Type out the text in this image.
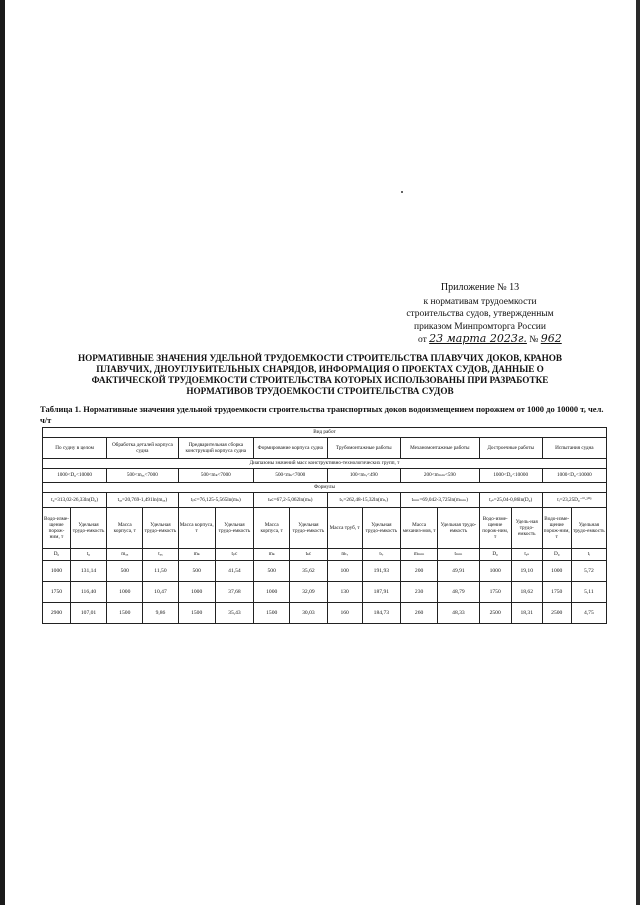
Приложение № 13
к нормативам трудоемкости
строительства судов, утвержденным
приказом Минпромторга России
от 23 марта 2023г. № 962
НОРМАТИВНЫЕ ЗНАЧЕНИЯ УДЕЛЬНОЙ ТРУДОЕМКОСТИ СТРОИТЕЛЬСТВА ПЛАВУЧИХ ДОКОВ, КРАНОВ ПЛАВУЧИХ, ДНОУГЛУБИТЕЛЬНЫХ СНАРЯДОВ, ИНФОРМАЦИЯ О ПРОЕКТАХ СУДОВ, ДАННЫЕ О ФАКТИЧЕСКОЙ ТРУДОЕМКОСТИ СТРОИТЕЛЬСТВА КОТОРЫХ ИСПОЛЬЗОВАНЫ ПРИ РАЗРАБОТКЕ НОРМАТИВОВ ТРУДОЕМКОСТИ СТРОИТЕЛЬСТВА СУДОВ
Таблица 1. Нормативные значения удельной трудоемкости строительства транспортных доков водоизмещением порожнем от 1000 до 10000 т, чел. ч/т
Вид работ															
По судну в целом		Обработка деталей корпуса судна		Предварительная сборка конструкций корпуса судна		Формирование корпуса судна		Трубомонтажные работы		Механомонтажные работы		Достроечные работы		Испытания судна	
Диапазоны значений масс конструктивно-технологических групп, т															
1000<D₀<10000		500<mₐₓ<7000		500<mₖ<7000		500<mₖ<7000		100<mₜᵣ<490		200<mₘₘ<590		1000<D₀<10000		1000<D₀<10000	
Формулы															
t₀=313,02-26,33ln(D₀)		tₐₓ=20,769-1,491ln(mₐₓ)		tₚc=76,125-5,565ln(mₖ)		tₖc=67,2-5,062ln(mₖ)		tₜᵣ=262,48-15,32ln(mₜᵣ)		tₘₘ=69,042-3,725ln(mₘₘ)		tₐₛ=25,04-0,86ln(D₀)		tᵢ=23,25D₀⁻⁰·²⁰³	
Водо-изме-щение порож-ним, т	Удельная трудо-емкость	Масса корпуса, т	Удельная трудо-емкость	Масса корпуса, т	Удельная трудо-емкость	Масса корпуса, т	Удельная трудо-емкость	Масса труб, т	Удельная трудо-емкость	Масса механиз-мов, т	Удельная трудо-емкость	Водо-изме-щение порож-ним, т	Удель-ная трудо-емкость	Водо-изме-щение порож-ним, т	Удельная трудо-емкость
D₀	t₀	mₐₓ	tₐₓ	mₖ	tₚc	mₖ	tₖc	mₜᵣ	tₜᵣ	mₘₘ	tₘₘ	D₀	tₐₛ	D₀	tᵢ
1000	131,14	500	11,50	500	41,54	500	35,62	100	191,93	200	49,91	1000	19,10	1000	5,72
1750	116,40	1000	10,47	1000	37,68	1000	32,09	130	187,91	230	48,79	1750	18,62	1750	5,11
2900	107,01	1500	9,86	1500	35,43	1500	30,03	160	184,73	260	48,33	2500	18,31	2500	4,75
